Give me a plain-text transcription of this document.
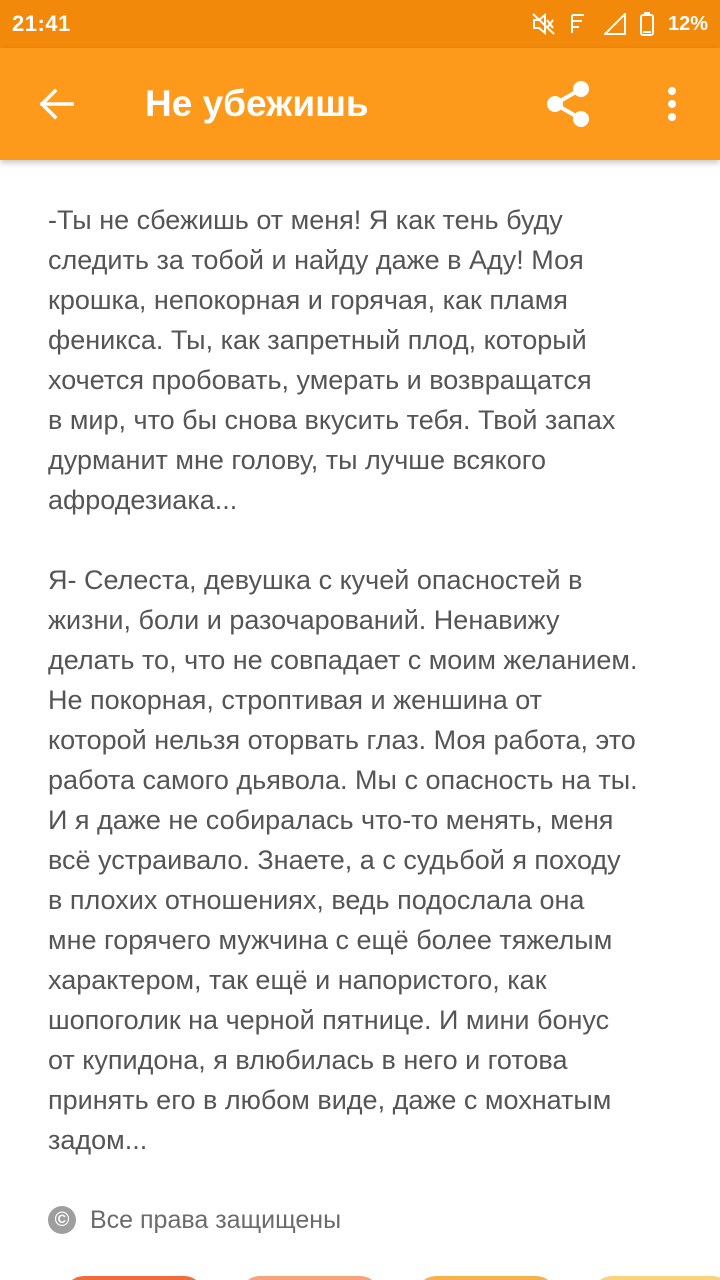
21:41	12%
Не убежишь

-Ты не сбежишь от меня! Я как тень буду
следить за тобой и найду даже в Аду! Моя
крошка, непокорная и горячая, как пламя
феникса. Ты, как запретный плод, который
хочется пробовать, умерать и возвращатся
в мир, что бы снова вкусить тебя. Твой запах
дурманит мне голову, ты лучше всякого
афродезиака...

Я- Селеста, девушка с кучей опасностей в
жизни, боли и разочарований. Ненавижу
делать то, что не совпадает с моим желанием.
Не покорная, строптивая и женшина от
которой нельзя оторвать глаз. Моя работа, это
работа самого дьявола. Мы с опасность на ты.
И я даже не собиралась что-то менять, меня
всё устраивало. Знаете, а с судьбой я походу
в плохих отношениях, ведь подослала она
мне горячего мужчина с ещё более тяжелым
характером, так ещё и напористого, как
шопоголик на черной пятнице. И мини бонус
от купидона, я влюбилась в него и готова
принять его в любом виде, даже с мохнатым
задом...

© Все права защищены
